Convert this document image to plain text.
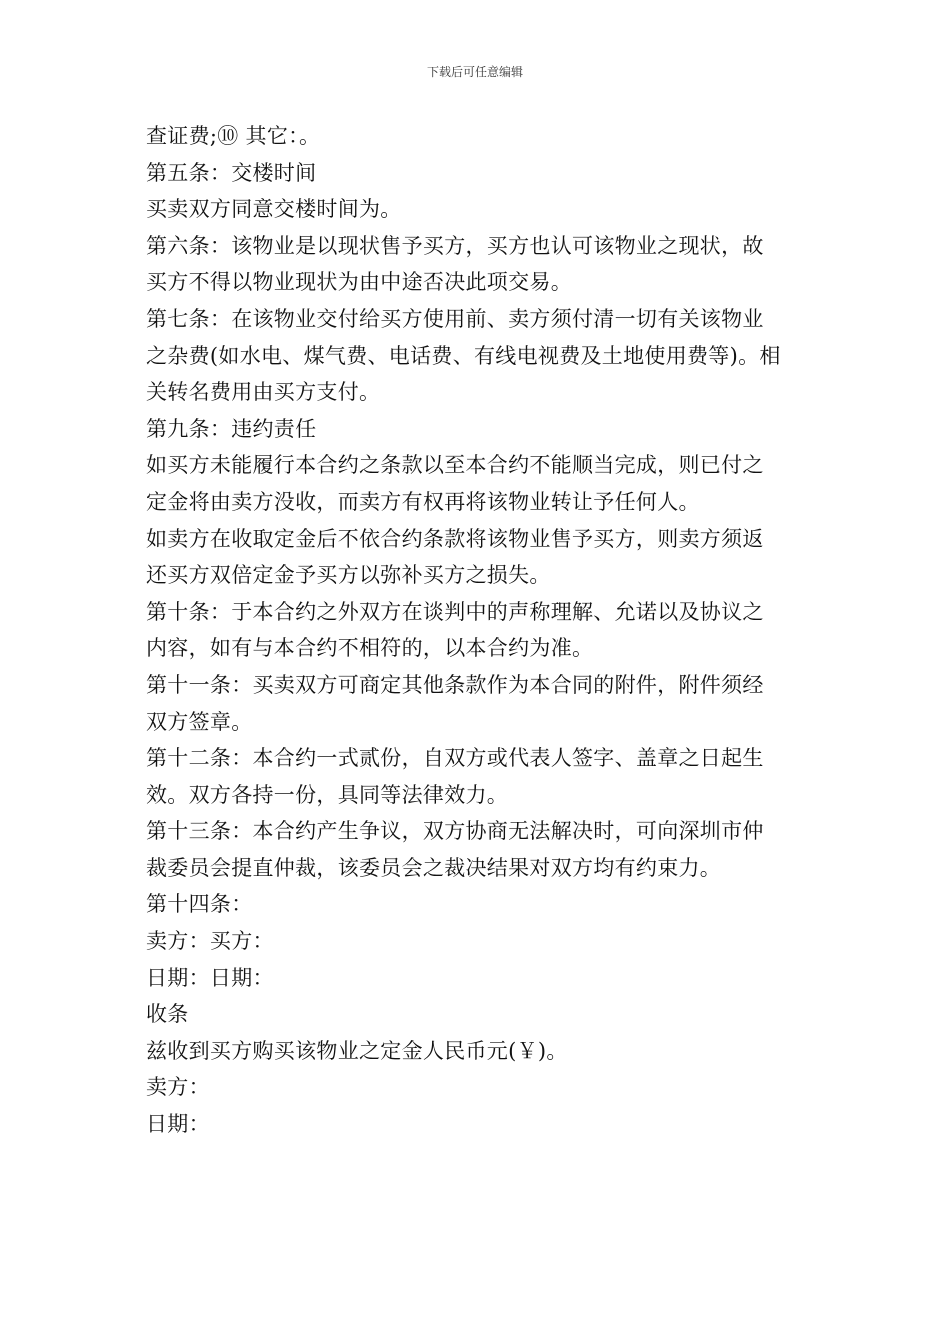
下载后可任意编辑

查证费;⑩ 其它：。

第五条：交楼时间

买卖双方同意交楼时间为。

第六条：该物业是以现状售予买方，买方也认可该物业之现状，故

买方不得以物业现状为由中途否决此项交易。

第七条：在该物业交付给买方使用前、卖方须付清一切有关该物业

之杂费(如水电、煤气费、电话费、有线电视费及土地使用费等)。相

关转名费用由买方支付。

第九条：违约责任

如买方未能履行本合约之条款以至本合约不能顺当完成，则已付之

定金将由卖方没收，而卖方有权再将该物业转让予任何人。

如卖方在收取定金后不依合约条款将该物业售予买方，则卖方须返

还买方双倍定金予买方以弥补买方之损失。

第十条：于本合约之外双方在谈判中的声称理解、允诺以及协议之

内容，如有与本合约不相符的，以本合约为准。

第十一条：买卖双方可商定其他条款作为本合同的附件，附件须经

双方签章。

第十二条：本合约一式贰份，自双方或代表人签字、盖章之日起生

效。双方各持一份，具同等法律效力。

第十三条：本合约产生争议，双方协商无法解决时，可向深圳市仲

裁委员会提直仲裁，该委员会之裁决结果对双方均有约束力。

第十四条：

卖方：买方：

日期：日期：

收条

兹收到买方购买该物业之定金人民币元(￥)。

卖方：

日期：
